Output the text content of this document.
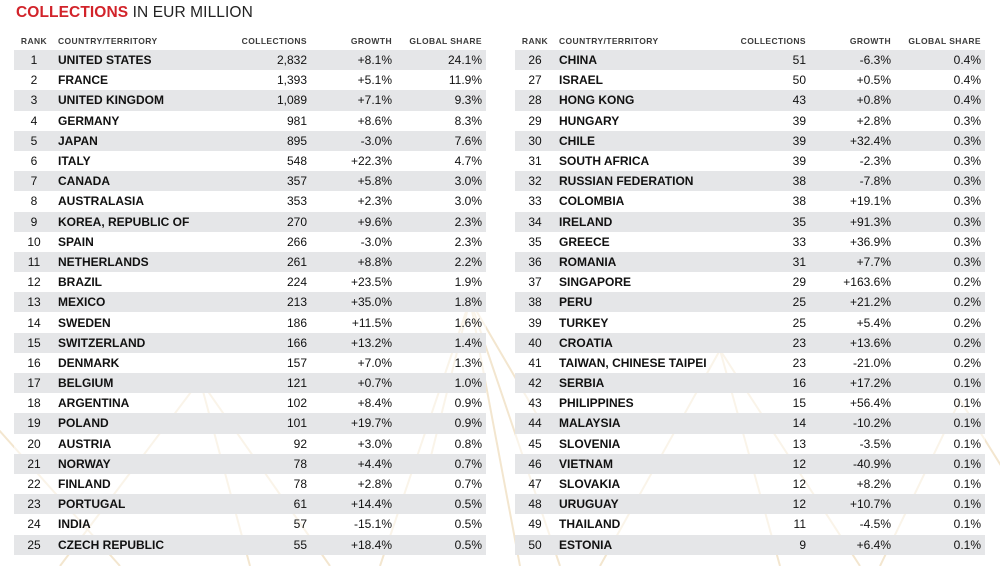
COLLECTIONS IN EUR MILLION
RANK	COUNTRY/TERRITORY	COLLECTIONS	GROWTH	GLOBAL SHARE
1	UNITED STATES	2,832	+8.1%	24.1%
2	FRANCE	1,393	+5.1%	11.9%
3	UNITED KINGDOM	1,089	+7.1%	9.3%
4	GERMANY	981	+8.6%	8.3%
5	JAPAN	895	-3.0%	7.6%
6	ITALY	548	+22.3%	4.7%
7	CANADA	357	+5.8%	3.0%
8	AUSTRALASIA	353	+2.3%	3.0%
9	KOREA, REPUBLIC OF	270	+9.6%	2.3%
10	SPAIN	266	-3.0%	2.3%
11	NETHERLANDS	261	+8.8%	2.2%
12	BRAZIL	224	+23.5%	1.9%
13	MEXICO	213	+35.0%	1.8%
14	SWEDEN	186	+11.5%	1.6%
15	SWITZERLAND	166	+13.2%	1.4%
16	DENMARK	157	+7.0%	1.3%
17	BELGIUM	121	+0.7%	1.0%
18	ARGENTINA	102	+8.4%	0.9%
19	POLAND	101	+19.7%	0.9%
20	AUSTRIA	92	+3.0%	0.8%
21	NORWAY	78	+4.4%	0.7%
22	FINLAND	78	+2.8%	0.7%
23	PORTUGAL	61	+14.4%	0.5%
24	INDIA	57	-15.1%	0.5%
25	CZECH REPUBLIC	55	+18.4%	0.5%
RANK	COUNTRY/TERRITORY	COLLECTIONS	GROWTH	GLOBAL SHARE
26	CHINA	51	-6.3%	0.4%
27	ISRAEL	50	+0.5%	0.4%
28	HONG KONG	43	+0.8%	0.4%
29	HUNGARY	39	+2.8%	0.3%
30	CHILE	39	+32.4%	0.3%
31	SOUTH AFRICA	39	-2.3%	0.3%
32	RUSSIAN FEDERATION	38	-7.8%	0.3%
33	COLOMBIA	38	+19.1%	0.3%
34	IRELAND	35	+91.3%	0.3%
35	GREECE	33	+36.9%	0.3%
36	ROMANIA	31	+7.7%	0.3%
37	SINGAPORE	29	+163.6%	0.2%
38	PERU	25	+21.2%	0.2%
39	TURKEY	25	+5.4%	0.2%
40	CROATIA	23	+13.6%	0.2%
41	TAIWAN, CHINESE TAIPEI	23	-21.0%	0.2%
42	SERBIA	16	+17.2%	0.1%
43	PHILIPPINES	15	+56.4%	0.1%
44	MALAYSIA	14	-10.2%	0.1%
45	SLOVENIA	13	-3.5%	0.1%
46	VIETNAM	12	-40.9%	0.1%
47	SLOVAKIA	12	+8.2%	0.1%
48	URUGUAY	12	+10.7%	0.1%
49	THAILAND	11	-4.5%	0.1%
50	ESTONIA	9	+6.4%	0.1%
